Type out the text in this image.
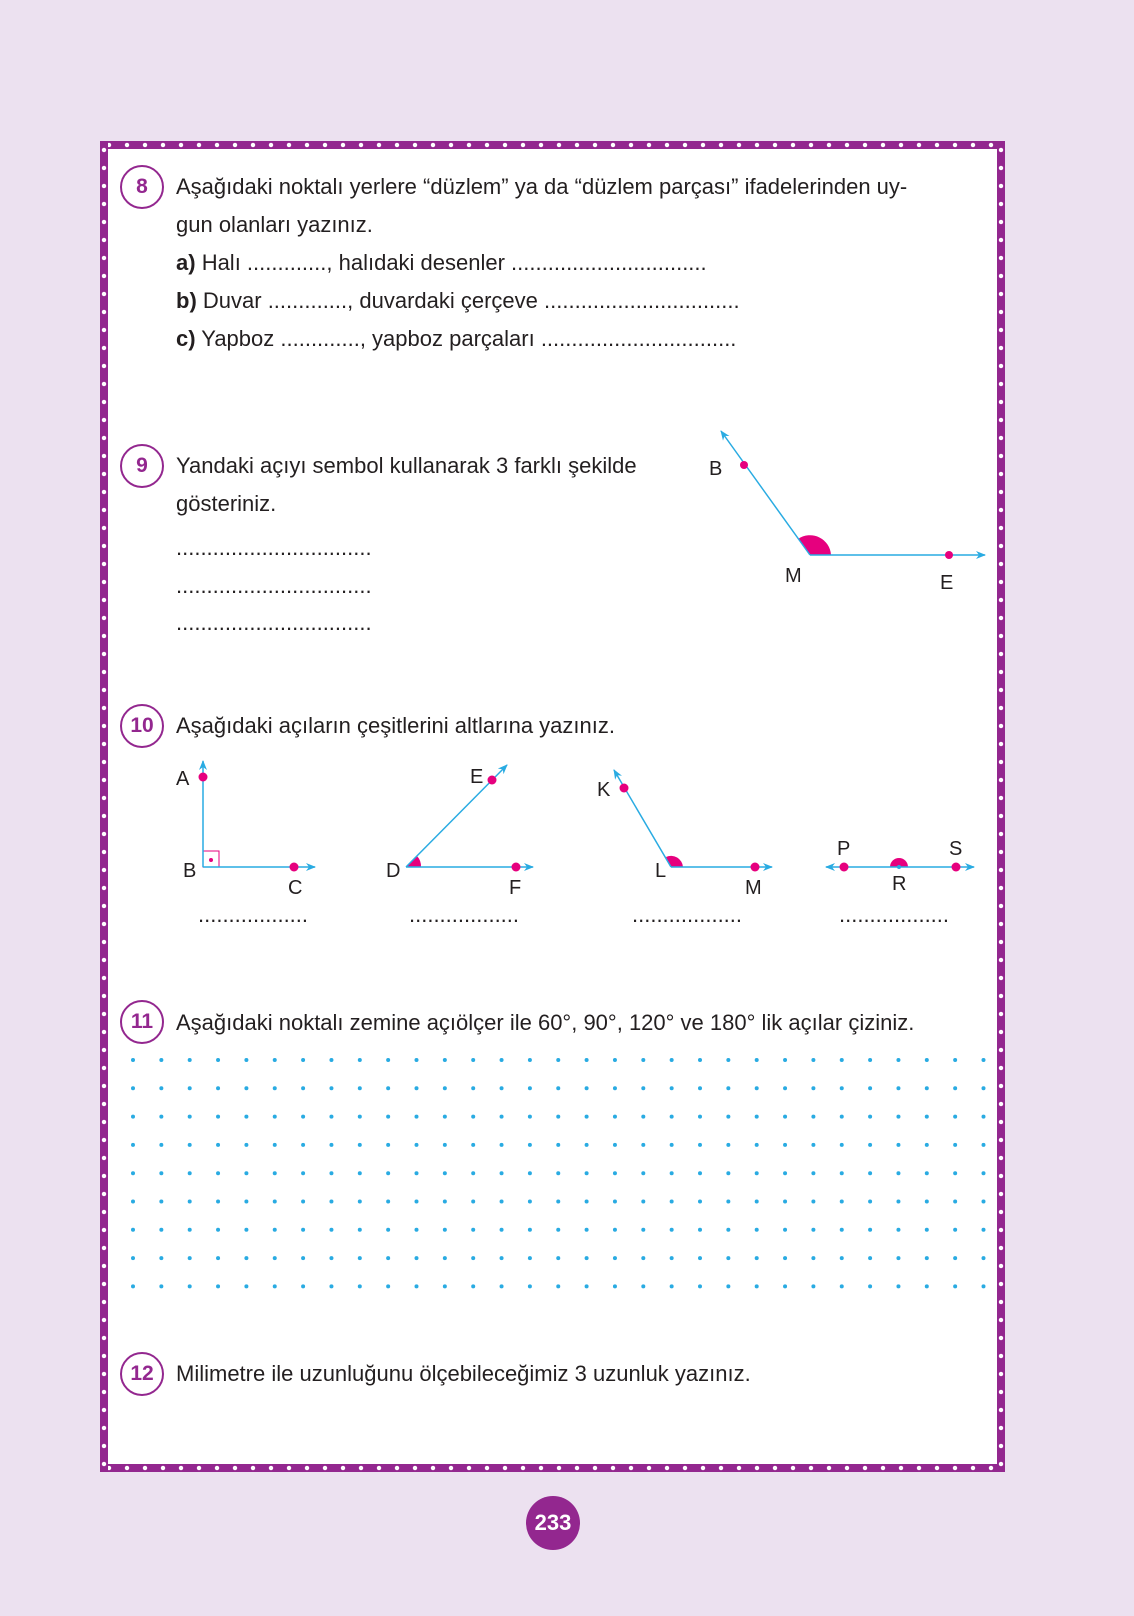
8	Aşağıdaki noktalı yerlere “düzlem” ya da “düzlem parçası” ifadelerinden uy-
gun olanları yazınız.
a) Halı ............., halıdaki desenler ................................
b) Duvar ............., duvardaki çerçeve ................................
c) Yapboz ............., yapboz parçaları ................................
9	Yandaki açıyı sembol kullanarak 3 farklı şekilde
gösteriniz.
................................
................................
................................
10	Aşağıdaki açıların çeşitlerini altlarına yazınız.
..................	..................	..................	..................
11	Aşağıdaki noktalı zemine açıölçer ile 60°, 90°, 120° ve 180° lik açılar çiziniz.
12	Milimetre ile uzunluğunu ölçebileceğimiz 3 uzunluk yazınız.
233
B
M	E
A
B
C
E
D
F
K
L
M
P
R
S
